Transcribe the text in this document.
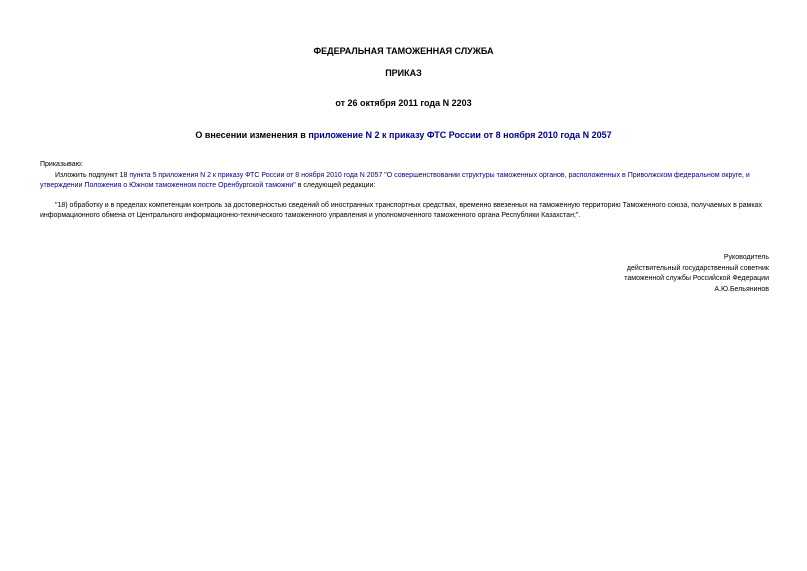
ФЕДЕРАЛЬНАЯ ТАМОЖЕННАЯ СЛУЖБА
ПРИКАЗ
от 26 октября 2011 года N 2203
О внесении изменения в приложение N 2 к приказу ФТС России от 8 ноября 2010 года N 2057
Приказываю:
Изложить подпункт 18 пункта 5 приложения N 2 к приказу ФТС России от 8 ноября 2010 года N 2057 "О совершенствовании структуры таможенных органов, расположенных в Приволжском федеральном округе, и утверждении Положения о Южном таможенном посте Оренбургской таможни" в следующей редакции:
"18) обработку и в пределах компетенции контроль за достоверностью сведений об иностранных транспортных средствах, временно ввезенных на таможенную территорию Таможенного союза, получаемых в рамках информационного обмена от Центрального информационно-технического таможенного управления и уполномоченного таможенного органа Республики Казахстан;".
Руководитель
действительный государственный советник
таможенной службы Российской Федерации
А.Ю.Бельянинов
